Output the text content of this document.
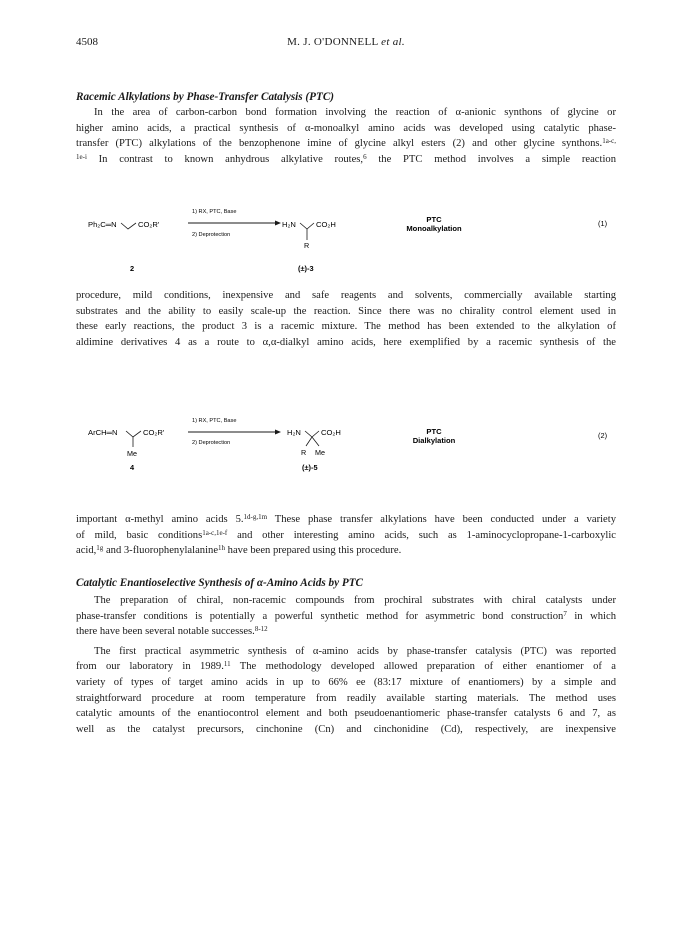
4508	M. J. O'DONNELL et al.
Racemic Alkylations by Phase-Transfer Catalysis (PTC)
In the area of carbon-carbon bond formation involving the reaction of α-anionic synthons of glycine or
higher amino acids, a practical synthesis of α-monoalkyl amino acids was developed using catalytic phase-
transfer (PTC) alkylations of the benzophenone imine of glycine alkyl esters (2) and other glycine synthons.$^{1a-c,}$
$^{1e-i}$ In contrast to known anhydrous alkylative routes,$^6$ the PTC method involves a simple reaction
Ph₂C═N	CO₂R'
1) RX, PTC, Base
2) Deprotection
H₂N	CO₂H
R
2	(±)-3
PTC
Monoalkylation
(1)
procedure, mild conditions, inexpensive and safe reagents and solvents, commercially available starting
substrates and the ability to easily scale-up the reaction. Since there was no chirality control element used in
these early reactions, the product 3 is a racemic mixture. The method has been extended to the alkylation of
aldimine derivatives 4 as a route to α,α-dialkyl amino acids, here exemplified by a racemic synthesis of the
ArCH═N	CO₂R'
Me
1) RX, PTC, Base
2) Deprotection
H₂N	CO₂H
R Me
4	(±)-5
PTC
Dialkylation
(2)
important α-methyl amino acids 5.$^{1d-g,1m}$ These phase transfer alkylations have been conducted under a variety
of mild, basic conditions$^{1a-c,1e-f}$ and other interesting amino acids, such as 1-aminocyclopropane-1-carboxylic
acid,$^{1g}$ and 3-fluorophenylalanine$^{1h}$ have been prepared using this procedure.
Catalytic Enantioselective Synthesis of α-Amino Acids by PTC
The preparation of chiral, non-racemic compounds from prochiral substrates with chiral catalysts under
phase-transfer conditions is potentially a powerful synthetic method for asymmetric bond construction$^7$ in which
there have been several notable successes.$^{8-12}$
The first practical asymmetric synthesis of α-amino acids by phase-transfer catalysis (PTC) was reported
from our laboratory in 1989.11 The methodology developed allowed preparation of either enantiomer of a
variety of types of target amino acids in up to 66% ee (83:17 mixture of enantiomers) by a simple and
straightforward procedure at room temperature from readily available starting materials. The method uses
catalytic amounts of the enantiocontrol element and both pseudoenantiomeric phase-transfer catalysts 6 and 7, as
well as the catalyst precursors, cinchonine (Cn) and cinchonidine (Cd), respectively, are inexpensive
